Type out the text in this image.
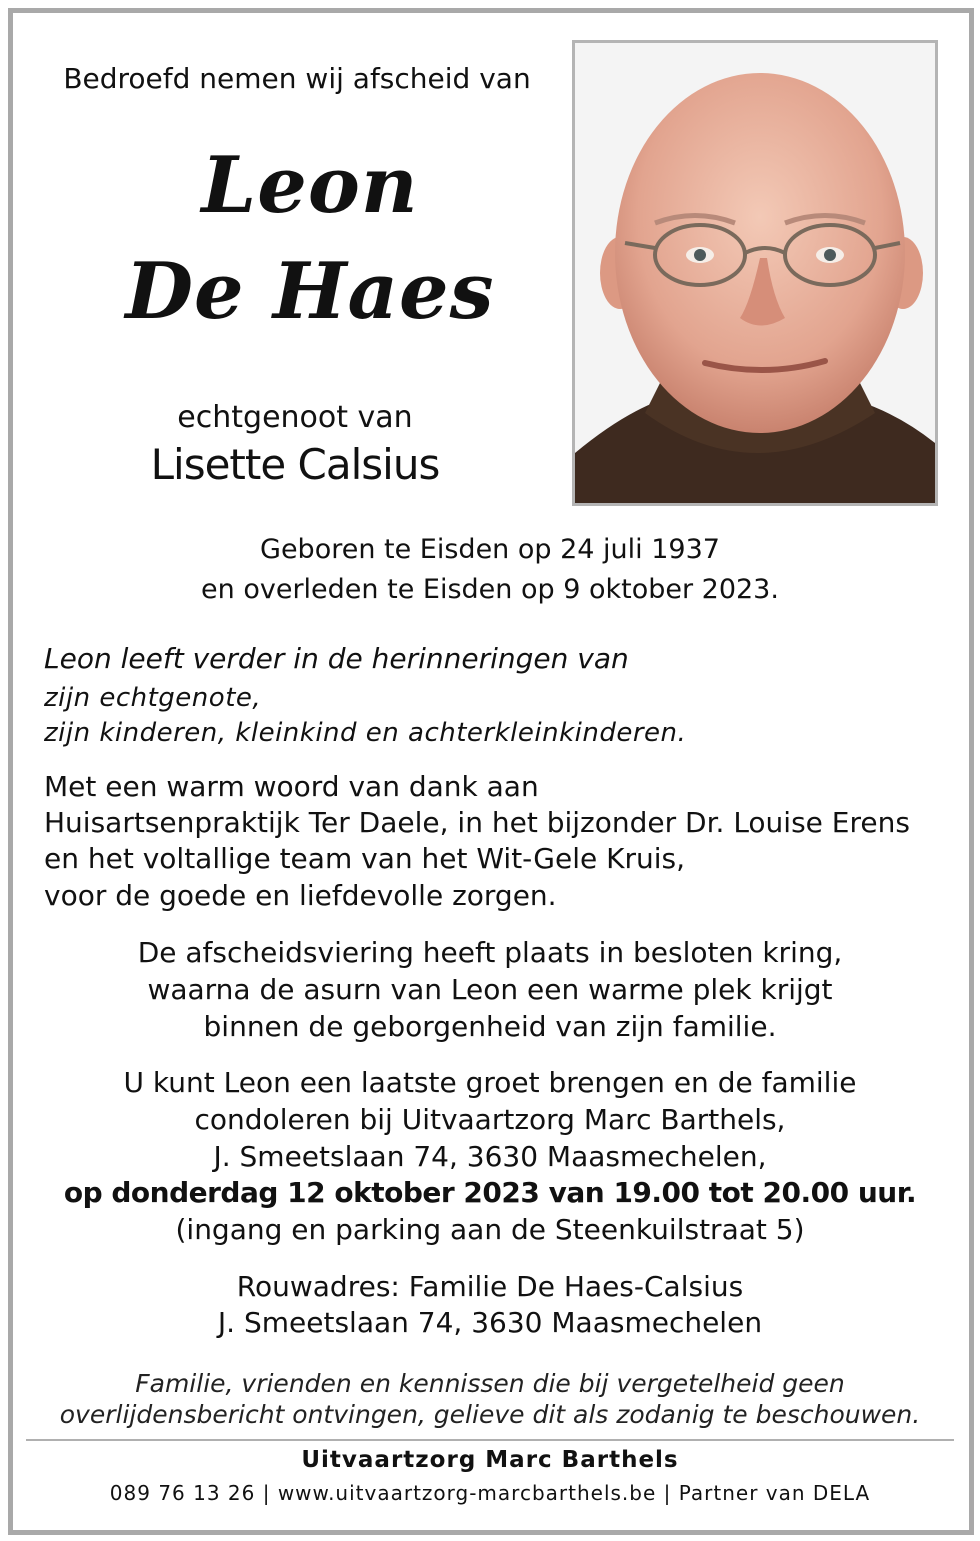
Bedroefd nemen wij afscheid van
Leon
De Haes
echtgenoot van
Lisette Calsius
Geboren te Eisden op 24 juli 1937
en overleden te Eisden op 9 oktober 2023.
Leon leeft verder in de herinneringen van
zijn echtgenote,
zijn kinderen, kleinkind en achterkleinkinderen.
Met een warm woord van dank aan
Huisartsenpraktijk Ter Daele, in het bijzonder Dr. Louise Erens
en het voltallige team van het Wit-Gele Kruis,
voor de goede en liefdevolle zorgen.
De afscheidsviering heeft plaats in besloten kring,
waarna de asurn van Leon een warme plek krijgt
binnen de geborgenheid van zijn familie.
U kunt Leon een laatste groet brengen en de familie
condoleren bij Uitvaartzorg Marc Barthels,
J. Smeetslaan 74, 3630 Maasmechelen,
op donderdag 12 oktober 2023 van 19.00 tot 20.00 uur.
(ingang en parking aan de Steenkuilstraat 5)
Rouwadres: Familie De Haes-Calsius
J. Smeetslaan 74, 3630 Maasmechelen
Familie, vrienden en kennissen die bij vergetelheid geen
overlijdensbericht ontvingen, gelieve dit als zodanig te beschouwen.
Uitvaartzorg Marc Barthels
089 76 13 26 | www.uitvaartzorg-marcbarthels.be | Partner van DELA
